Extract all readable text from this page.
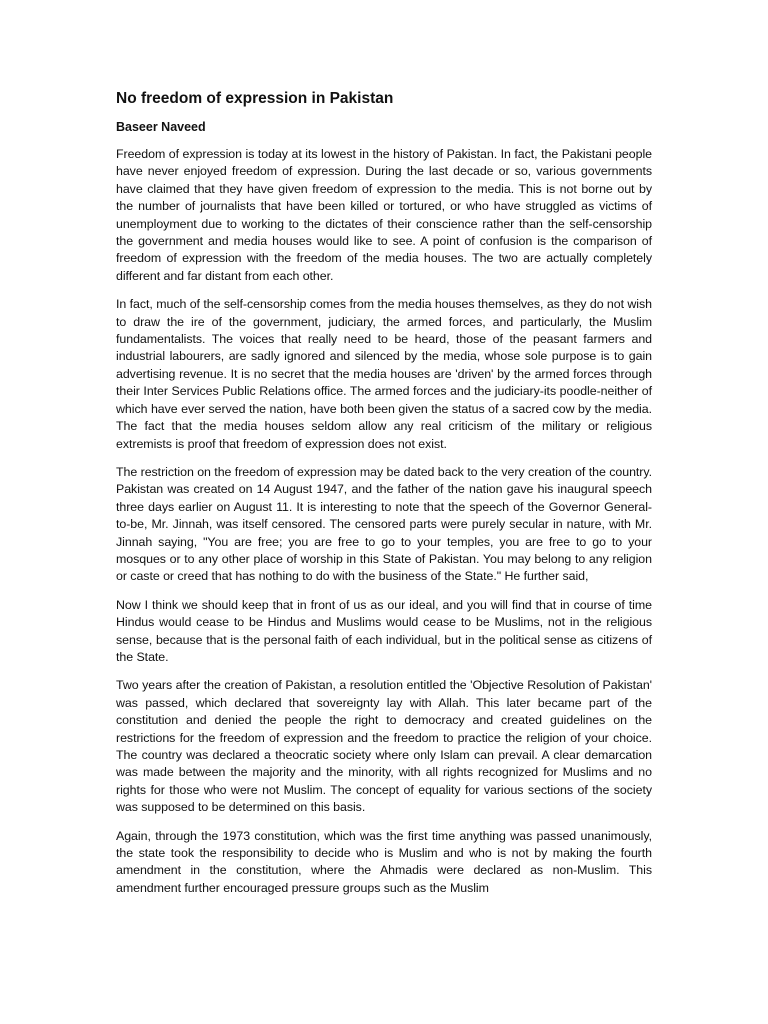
No freedom of expression in Pakistan
Baseer Naveed

Freedom of expression is today at its lowest in the history of Pakistan. In fact, the Pakistani people have never enjoyed freedom of expression. During the last decade or so, various governments have claimed that they have given freedom of expression to the media. This is not borne out by the number of journalists that have been killed or tortured, or who have struggled as victims of unemployment due to working to the dictates of their conscience rather than the self-censorship the government and media houses would like to see. A point of confusion is the comparison of freedom of expression with the freedom of the media houses. The two are actually completely different and far distant from each other.

In fact, much of the self-censorship comes from the media houses themselves, as they do not wish to draw the ire of the government, judiciary, the armed forces, and particularly, the Muslim fundamentalists. The voices that really need to be heard, those of the peasant farmers and industrial labourers, are sadly ignored and silenced by the media, whose sole purpose is to gain advertising revenue. It is no secret that the media houses are 'driven' by the armed forces through their Inter Services Public Relations office. The armed forces and the judiciary-its poodle-neither of which have ever served the nation, have both been given the status of a sacred cow by the media. The fact that the media houses seldom allow any real criticism of the military or religious extremists is proof that freedom of expression does not exist.

The restriction on the freedom of expression may be dated back to the very creation of the country. Pakistan was created on 14 August 1947, and the father of the nation gave his inaugural speech three days earlier on August 11. It is interesting to note that the speech of the Governor General-to-be, Mr. Jinnah, was itself censored. The censored parts were purely secular in nature, with Mr. Jinnah saying, "You are free; you are free to go to your temples, you are free to go to your mosques or to any other place of worship in this State of Pakistan. You may belong to any religion or caste or creed that has nothing to do with the business of the State." He further said,

Now I think we should keep that in front of us as our ideal, and you will find that in course of time Hindus would cease to be Hindus and Muslims would cease to be Muslims, not in the religious sense, because that is the personal faith of each individual, but in the political sense as citizens of the State.

Two years after the creation of Pakistan, a resolution entitled the 'Objective Resolution of Pakistan' was passed, which declared that sovereignty lay with Allah. This later became part of the constitution and denied the people the right to democracy and created guidelines on the restrictions for the freedom of expression and the freedom to practice the religion of your choice. The country was declared a theocratic society where only Islam can prevail. A clear demarcation was made between the majority and the minority, with all rights recognized for Muslims and no rights for those who were not Muslim. The concept of equality for various sections of the society was supposed to be determined on this basis.

Again, through the 1973 constitution, which was the first time anything was passed unanimously, the state took the responsibility to decide who is Muslim and who is not by making the fourth amendment in the constitution, where the Ahmadis were declared as non-Muslim. This amendment further encouraged pressure groups such as the Muslim
